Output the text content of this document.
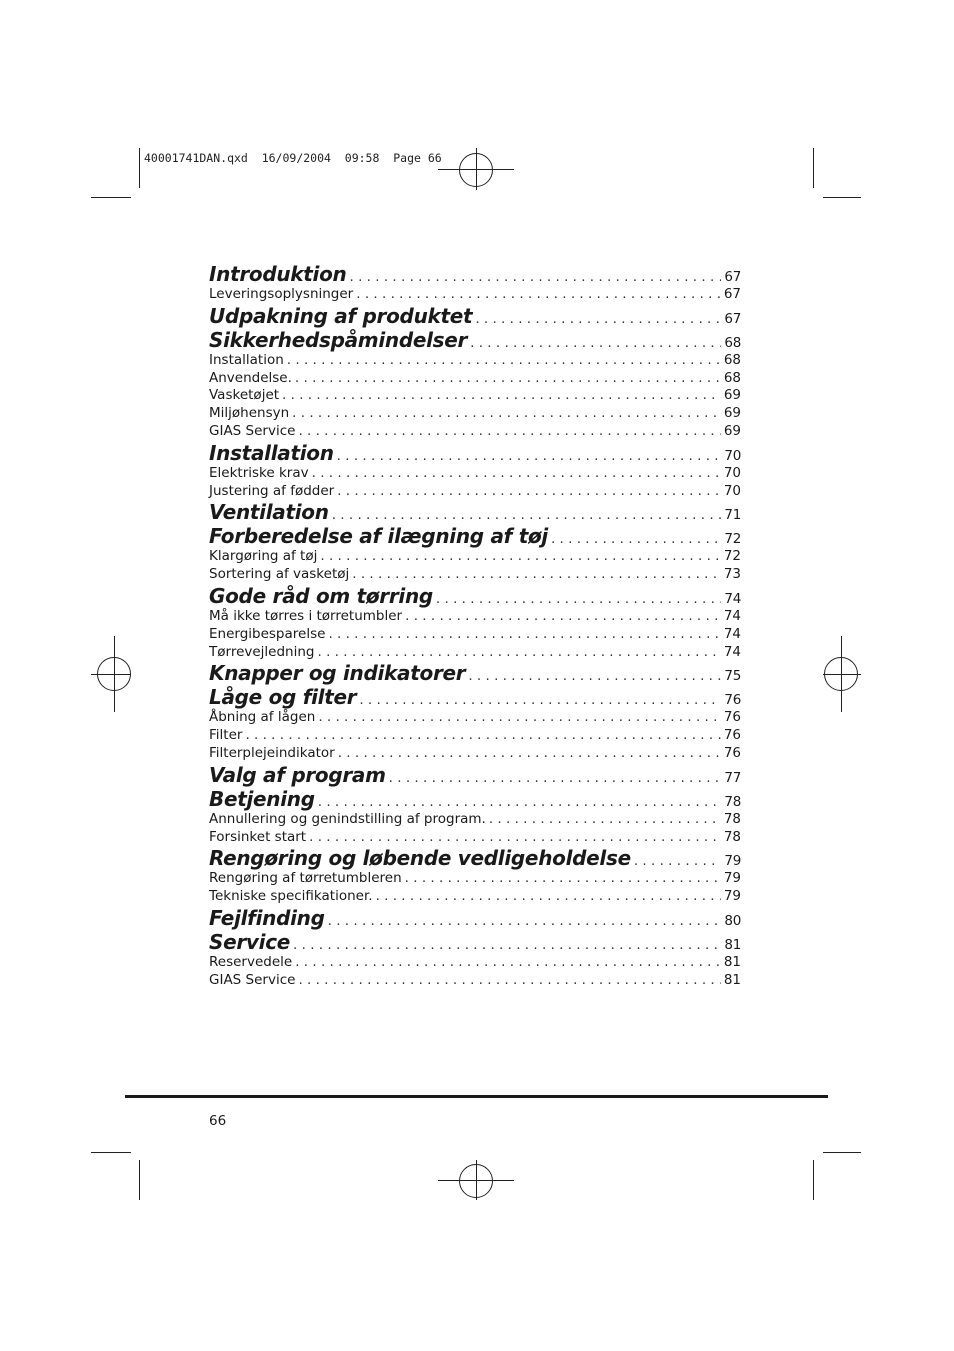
40001741DAN.qxd  16/09/2004  09:58  Page 66
Introduktion . . .	67
Leveringsoplysninger . . .	67
Udpakning af produktet . . .	67
Sikkerhedspåmindelser . . .	68
Installation . . .	68
Anvendelse. . . .	68
Vasketøjet . . .	69
Miljøhensyn . . .	69
GIAS Service . . .	69
Installation . . .	70
Elektriske krav . . .	70
Justering af fødder . . .	70
Ventilation . . .	71
Forberedelse af ilægning af tøj . . .	72
Klargøring af tøj . . .	72
Sortering af vasketøj . . .	73
Gode råd om tørring . . .	74
Må ikke tørres i tørretumbler . . .	74
Energibesparelse . . .	74
Tørrevejledning . . .	74
Knapper og indikatorer . . .	75
Låge og filter . . .	76
Åbning af lågen . . .	76
Filter . . .	76
Filterplejeindikator . . .	76
Valg af program . . .	77
Betjening . . .	78
Annullering og genindstilling af program. . . .	78
Forsinket start . . .	78
Rengøring og løbende vedligeholdelse . . .	79
Rengøring af tørretumbleren . . .	79
Tekniske specifikationer. . . .	79
Fejlfinding . . .	80
Service . . .	81
Reservedele . . .	81
GIAS Service . . .	81
66
